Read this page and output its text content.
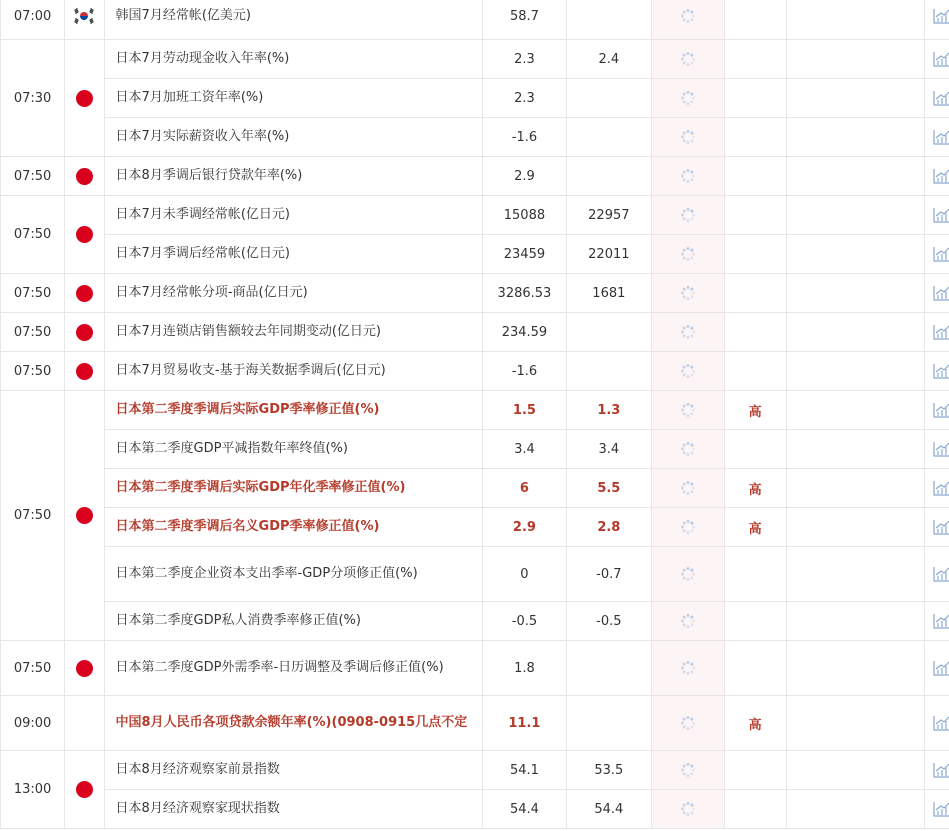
07:00		韩国7月经常帐(亿美元)	58.7					
07:30		日本7月劳动现金收入年率(%)	2.3	2.4				
		日本7月加班工资年率(%)	2.3					
		日本7月实际薪资收入年率(%)	-1.6					
07:50		日本8月季调后银行贷款年率(%)	2.9					
07:50		日本7月未季调经常帐(亿日元)	15088	22957				
		日本7月季调后经常帐(亿日元)	23459	22011				
07:50		日本7月经常帐分项-商品(亿日元)	3286.53	1681				
07:50		日本7月连锁店销售额较去年同期变动(亿日元)	234.59					
07:50		日本7月贸易收支-基于海关数据季调后(亿日元)	-1.6					
07:50		日本第二季度季调后实际GDP季率修正值(%)	1.5	1.3		高		
		日本第二季度GDP平减指数年率终值(%)	3.4	3.4				
		日本第二季度季调后实际GDP年化季率修正值(%)	6	5.5		高		
		日本第二季度季调后名义GDP季率修正值(%)	2.9	2.8		高		
		日本第二季度企业资本支出季率-GDP分项修正值(%)	0	-0.7				
		日本第二季度GDP私人消费季率修正值(%)	-0.5	-0.5				
07:50		日本第二季度GDP外需季率-日历调整及季调后修正值(%)	1.8					
09:00		中国8月人民币各项贷款余额年率(%)(0908-0915几点不定	11.1			高		
13:00		日本8月经济观察家前景指数	54.1	53.5				
		日本8月经济观察家现状指数	54.4	54.4				
